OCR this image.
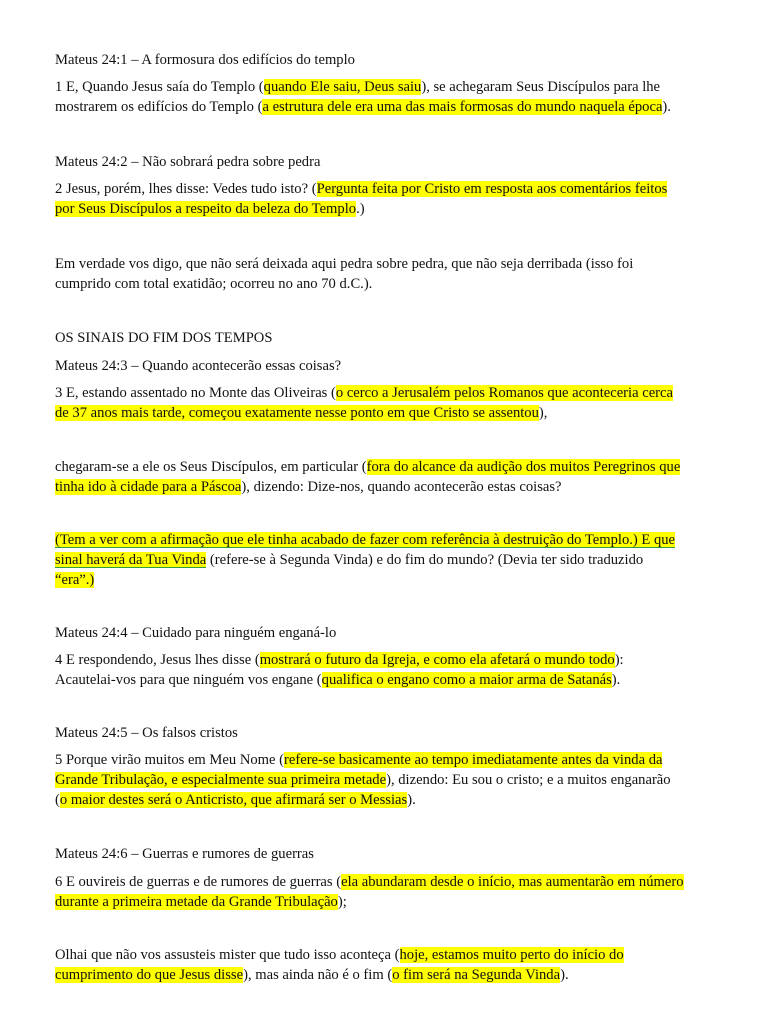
Mateus 24:1 – A formosura dos edifícios do templo

1 E, Quando Jesus saía do Templo (quando Ele saiu, Deus saiu), se achegaram Seus Discípulos para lhe
mostrarem os edifícios do Templo (a estrutura dele era uma das mais formosas do mundo naquela época).

Mateus 24:2 – Não sobrará pedra sobre pedra

2 Jesus, porém, lhes disse: Vedes tudo isto? (Pergunta feita por Cristo em resposta aos comentários feitos
por Seus Discípulos a respeito da beleza do Templo.)

Em verdade vos digo, que não será deixada aqui pedra sobre pedra, que não seja derribada (isso foi
cumprido com total exatidão; ocorreu no ano 70 d.C.).

OS SINAIS DO FIM DOS TEMPOS

Mateus 24:3 – Quando acontecerão essas coisas?

3 E, estando assentado no Monte das Oliveiras (o cerco a Jerusalém pelos Romanos que aconteceria cerca
de 37 anos mais tarde, começou exatamente nesse ponto em que Cristo se assentou),

chegaram-se a ele os Seus Discípulos, em particular (fora do alcance da audição dos muitos Peregrinos que
tinha ido à cidade para a Páscoa), dizendo: Dize-nos, quando acontecerão estas coisas?

(Tem a ver com a afirmação que ele tinha acabado de fazer com referência à destruição do Templo.) E que
sinal haverá da Tua Vinda (refere-se à Segunda Vinda) e do fim do mundo? (Devia ter sido traduzido
“era”.)

Mateus 24:4 – Cuidado para ninguém enganá-lo

4 E respondendo, Jesus lhes disse (mostrará o futuro da Igreja, e como ela afetará o mundo todo):
Acautelai-vos para que ninguém vos engane (qualifica o engano como a maior arma de Satanás).

Mateus 24:5 – Os falsos cristos

5 Porque virão muitos em Meu Nome (refere-se basicamente ao tempo imediatamente antes da vinda da
Grande Tribulação, e especialmente sua primeira metade), dizendo: Eu sou o cristo; e a muitos enganarão
(o maior destes será o Anticristo, que afirmará ser o Messias).

Mateus 24:6 – Guerras e rumores de guerras

6 E ouvireis de guerras e de rumores de guerras (ela abundaram desde o início, mas aumentarão em número
durante a primeira metade da Grande Tribulação);

Olhai que não vos assusteis mister que tudo isso aconteça (hoje, estamos muito perto do início do
cumprimento do que Jesus disse), mas ainda não é o fim (o fim será na Segunda Vinda).
